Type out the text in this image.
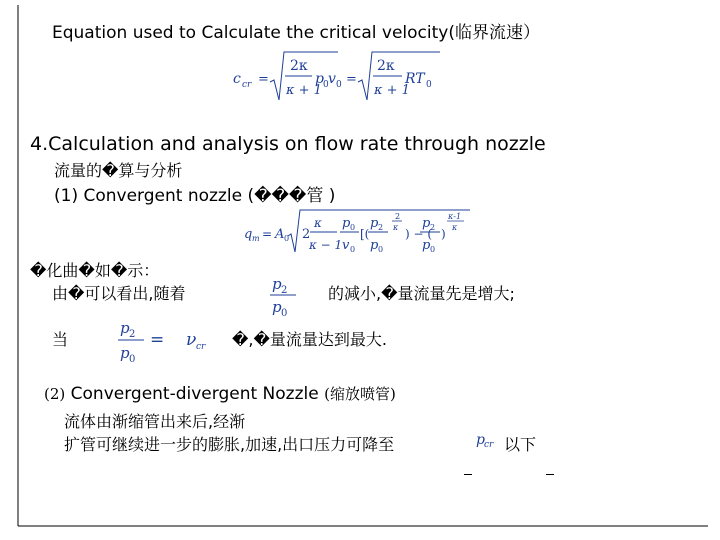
Equation used to Calculate the critical velocity(临界流速）
c cr =
2κ
κ + 1
p 0 v 0 =
2κ
κ + 1
RT 0
4.Calculation and analysis on flow rate through nozzle
流量的�算与分析
(1) Convergent nozzle (���管 )
q m = A 0 2
κ
κ − 1
p 0
v 0
[(
p 2
p 0
2
κ ) − (
p 2
p 0
)
κ-1
κ
�化曲�如�示：
由�可以看出,随着	p 2
p 0
的减小,�量流量先是增大;
当
p 2
p 0
= ν cr �,�量流量达到最大.
(2) Convergent-divergent Nozzle (缩放喷管)
流体由渐缩管出来后,经渐
扩管可继续进一步的膨胀,加速,出口压力可降至	p cr 以下
